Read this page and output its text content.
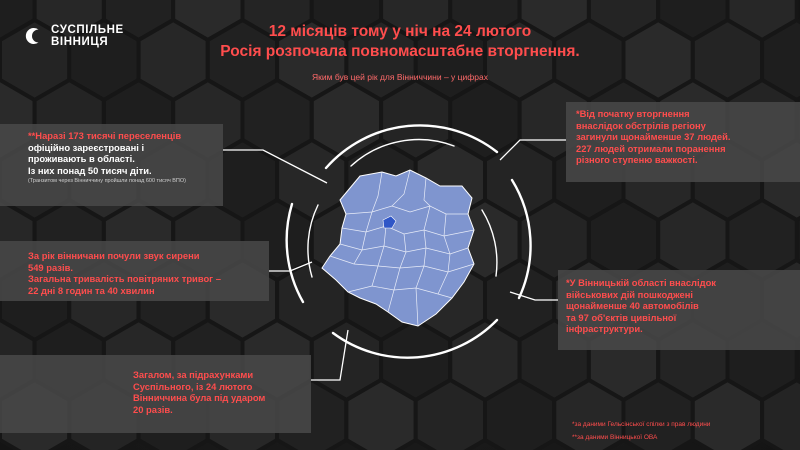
СУСПІЛЬНЕ
ВІННИЦЯ
12 місяців тому у ніч на 24 лютого
Росія розпочала повномасштабне вторгнення.
Яким був цей рік для Вінниччини – у цифрах
**Наразі 173 тисячі переселенців
офіційно зареєстровані і
проживають в області.
Із них понад 50 тисяч діти.
(Транзитом через Вінниччину пройшли понад 600 тисяч ВПО)
За рік вінничани почули звук сирени
549 разів.
Загальна тривалість повітряних тривог –
22 дні 8 годин та 40 хвилин
Загалом, за підрахунками
Суспільного, із 24 лютого
Вінниччина була під ударом
20 разів.
*Від початку вторгнення
внаслідок обстрілів регіону
загинули щонайменше 37 людей.
227 людей отримали поранення
різного ступеню важкості.
*У Вінницькій області внаслідок
військових дій пошкоджені
щонайменше 40 автомобілів
та 97 об'єктів цивільної
інфраструктури.
*за даними Гельсінської спілки з прав людини
**за даними Вінницької ОВА
